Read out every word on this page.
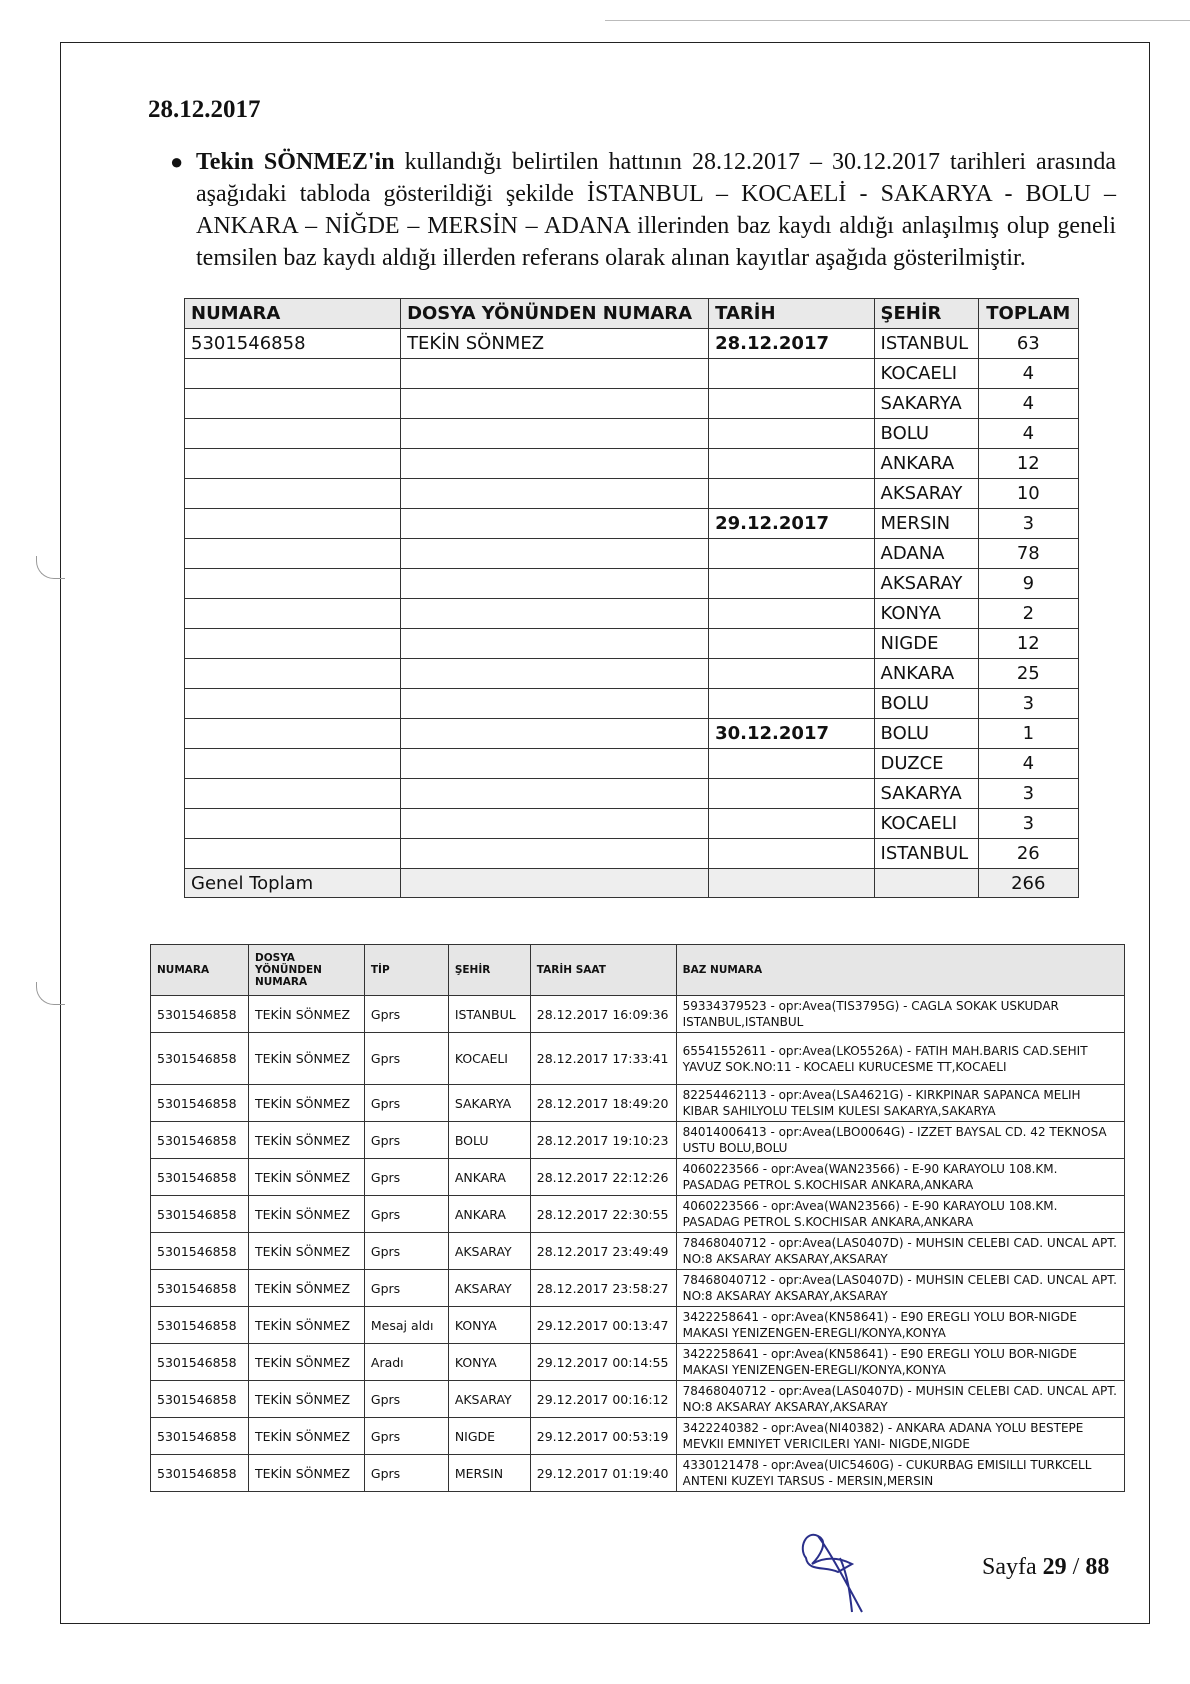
28.12.2017
● Tekin SÖNMEZ'in kullandığı belirtilen hattının 28.12.2017 – 30.12.2017 tarihleri arasında aşağıdaki tabloda gösterildiği şekilde İSTANBUL – KOCAELİ - SAKARYA - BOLU – ANKARA – NİĞDE – MERSİN – ADANA illerinden baz kaydı aldığı anlaşılmış olup geneli temsilen baz kaydı aldığı illerden referans olarak alınan kayıtlar aşağıda gösterilmiştir.
NUMARA	DOSYA YÖNÜNDEN NUMARA	TARİH	ŞEHİR	TOPLAM
5301546858	TEKİN SÖNMEZ	28.12.2017	ISTANBUL	63
			KOCAELI	4
			SAKARYA	4
			BOLU	4
			ANKARA	12
			AKSARAY	10
		29.12.2017	MERSIN	3
			ADANA	78
			AKSARAY	9
			KONYA	2
			NIGDE	12
			ANKARA	25
			BOLU	3
		30.12.2017	BOLU	1
			DUZCE	4
			SAKARYA	3
			KOCAELI	3
			ISTANBUL	26
Genel Toplam				266
NUMARA	DOSYA YÖNÜNDEN NUMARA	TİP	ŞEHİR	TARİH SAAT	BAZ NUMARA
5301546858	TEKİN SÖNMEZ	Gprs	ISTANBUL	28.12.2017 16:09:36	59334379523 - opr:Avea(TIS3795G) - CAGLA SOKAK USKUDAR ISTANBUL,ISTANBUL
5301546858	TEKİN SÖNMEZ	Gprs	KOCAELI	28.12.2017 17:33:41	65541552611 - opr:Avea(LKO5526A) - FATIH MAH.BARIS CAD.SEHIT YAVUZ SOK.NO:11 - KOCAELI KURUCESME TT,KOCAELI
5301546858	TEKİN SÖNMEZ	Gprs	SAKARYA	28.12.2017 18:49:20	82254462113 - opr:Avea(LSA4621G) - KIRKPINAR SAPANCA MELIH KIBAR SAHILYOLU TELSIM KULESI SAKARYA,SAKARYA
5301546858	TEKİN SÖNMEZ	Gprs	BOLU	28.12.2017 19:10:23	84014006413 - opr:Avea(LBO0064G) - IZZET BAYSAL CD. 42 TEKNOSA USTU BOLU,BOLU
5301546858	TEKİN SÖNMEZ	Gprs	ANKARA	28.12.2017 22:12:26	4060223566 - opr:Avea(WAN23566) - E-90 KARAYOLU 108.KM. PASADAG PETROL S.KOCHISAR ANKARA,ANKARA
5301546858	TEKİN SÖNMEZ	Gprs	ANKARA	28.12.2017 22:30:55	4060223566 - opr:Avea(WAN23566) - E-90 KARAYOLU 108.KM. PASADAG PETROL S.KOCHISAR ANKARA,ANKARA
5301546858	TEKİN SÖNMEZ	Gprs	AKSARAY	28.12.2017 23:49:49	78468040712 - opr:Avea(LAS0407D) - MUHSIN CELEBI CAD. UNCAL APT. NO:8 AKSARAY AKSARAY,AKSARAY
5301546858	TEKİN SÖNMEZ	Gprs	AKSARAY	28.12.2017 23:58:27	78468040712 - opr:Avea(LAS0407D) - MUHSIN CELEBI CAD. UNCAL APT. NO:8 AKSARAY AKSARAY,AKSARAY
5301546858	TEKİN SÖNMEZ	Mesaj aldı	KONYA	29.12.2017 00:13:47	3422258641 - opr:Avea(KN58641) - E90 EREGLI YOLU BOR-NIGDE MAKASI YENIZENGEN-EREGLI/KONYA,KONYA
5301546858	TEKİN SÖNMEZ	Aradı	KONYA	29.12.2017 00:14:55	3422258641 - opr:Avea(KN58641) - E90 EREGLI YOLU BOR-NIGDE MAKASI YENIZENGEN-EREGLI/KONYA,KONYA
5301546858	TEKİN SÖNMEZ	Gprs	AKSARAY	29.12.2017 00:16:12	78468040712 - opr:Avea(LAS0407D) - MUHSIN CELEBI CAD. UNCAL APT. NO:8 AKSARAY AKSARAY,AKSARAY
5301546858	TEKİN SÖNMEZ	Gprs	NIGDE	29.12.2017 00:53:19	3422240382 - opr:Avea(NI40382) - ANKARA ADANA YOLU BESTEPE MEVKII EMNIYET VERICILERI YANI- NIGDE,NIGDE
5301546858	TEKİN SÖNMEZ	Gprs	MERSIN	29.12.2017 01:19:40	4330121478 - opr:Avea(UIC5460G) - CUKURBAG EMISILLI TURKCELL ANTENI KUZEYI TARSUS - MERSIN,MERSIN
Sayfa 29 / 88
